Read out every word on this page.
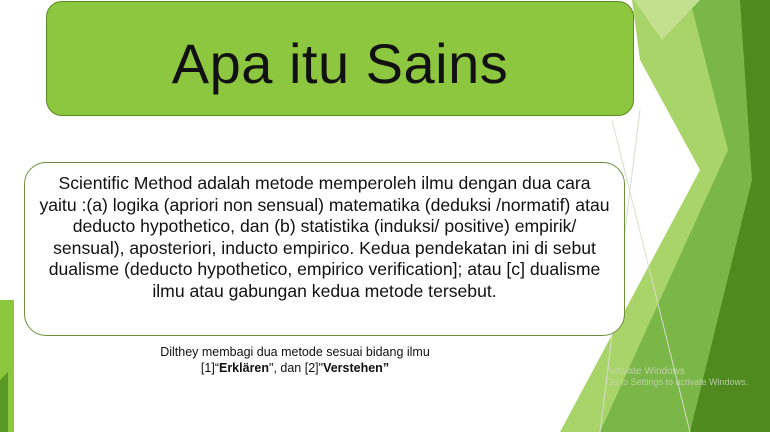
Apa itu Sains

Scientific Method adalah metode memperoleh ilmu dengan dua cara yaitu :(a) logika (apriori non sensual) matematika (deduksi /normatif) atau deducto hypothetico, dan (b) statistika (induksi/ positive) empirik/ sensual), aposteriori, inducto empirico. Kedua pendekatan ini di sebut dualisme (deducto hypothetico, empirico verification]; atau [c] dualisme ilmu atau gabungan kedua metode tersebut.

Dilthey membagi dua metode sesuai bidang ilmu
[1]“Erklären", dan [2]"Verstehen”	Activate Windows
Go to Settings to activate Windows.
